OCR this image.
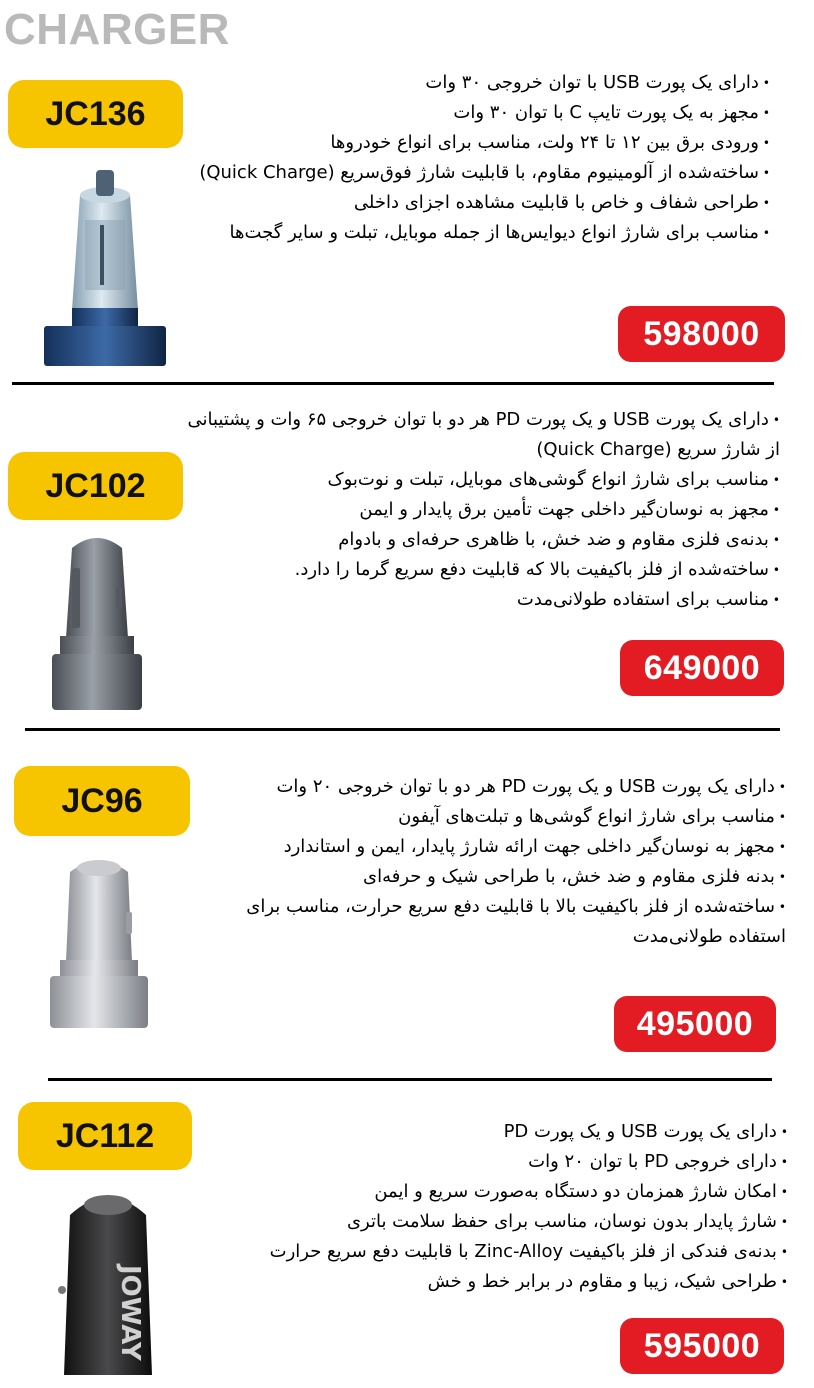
CHARGER
JC136
• دارای یک پورت USB با توان خروجی ۳۰ وات
• مجهز به یک پورت تایپ C با توان ۳۰ وات
• ورودی برق بین ۱۲ تا ۲۴ ولت، مناسب برای انواع خودروها
• ساخته‌شده از آلومینیوم مقاوم، با قابلیت شارژ فوق‌سریع (Quick Charge)
• طراحی شفاف و خاص با قابلیت مشاهده اجزای داخلی
• مناسب برای شارژ انواع دیوایس‌ها از جمله موبایل، تبلت و سایر گجت‌ها
598000
JC102
• دارای یک پورت USB و یک پورت PD هر دو با توان خروجی ۶۵ وات و پشتیبانی از شارژ سریع (Quick Charge)
• مناسب برای شارژ انواع گوشی‌های موبایل، تبلت و نوت‌بوک
• مجهز به نوسان‌گیر داخلی جهت تأمین برق پایدار و ایمن
• بدنه‌ی فلزی مقاوم و ضد خش، با ظاهری حرفه‌ای و بادوام
• ساخته‌شده از فلز باکیفیت بالا که قابلیت دفع سریع گرما را دارد.
• مناسب برای استفاده طولانی‌مدت
649000
JC96	• دارای یک پورت USB و یک پورت PD هر دو با توان خروجی ۲۰ وات
• مناسب برای شارژ انواع گوشی‌ها و تبلت‌های آیفون
• مجهز به نوسان‌گیر داخلی جهت ارائه شارژ پایدار، ایمن و استاندارد
• بدنه فلزی مقاوم و ضد خش، با طراحی شیک و حرفه‌ای
• ساخته‌شده از فلز باکیفیت بالا با قابلیت دفع سریع حرارت، مناسب برای استفاده طولانی‌مدت
495000
JC112	• دارای یک پورت USB و یک پورت PD
• دارای خروجی PD با توان ۲۰ وات
• امکان شارژ همزمان دو دستگاه به‌صورت سریع و ایمن
• شارژ پایدار بدون نوسان، مناسب برای حفظ سلامت باتری
• بدنه‌ی فندکی از فلز باکیفیت Zinc-Alloy با قابلیت دفع سریع حرارت
• طراحی شیک، زیبا و مقاوم در برابر خط و خش
JOWAY	595000
